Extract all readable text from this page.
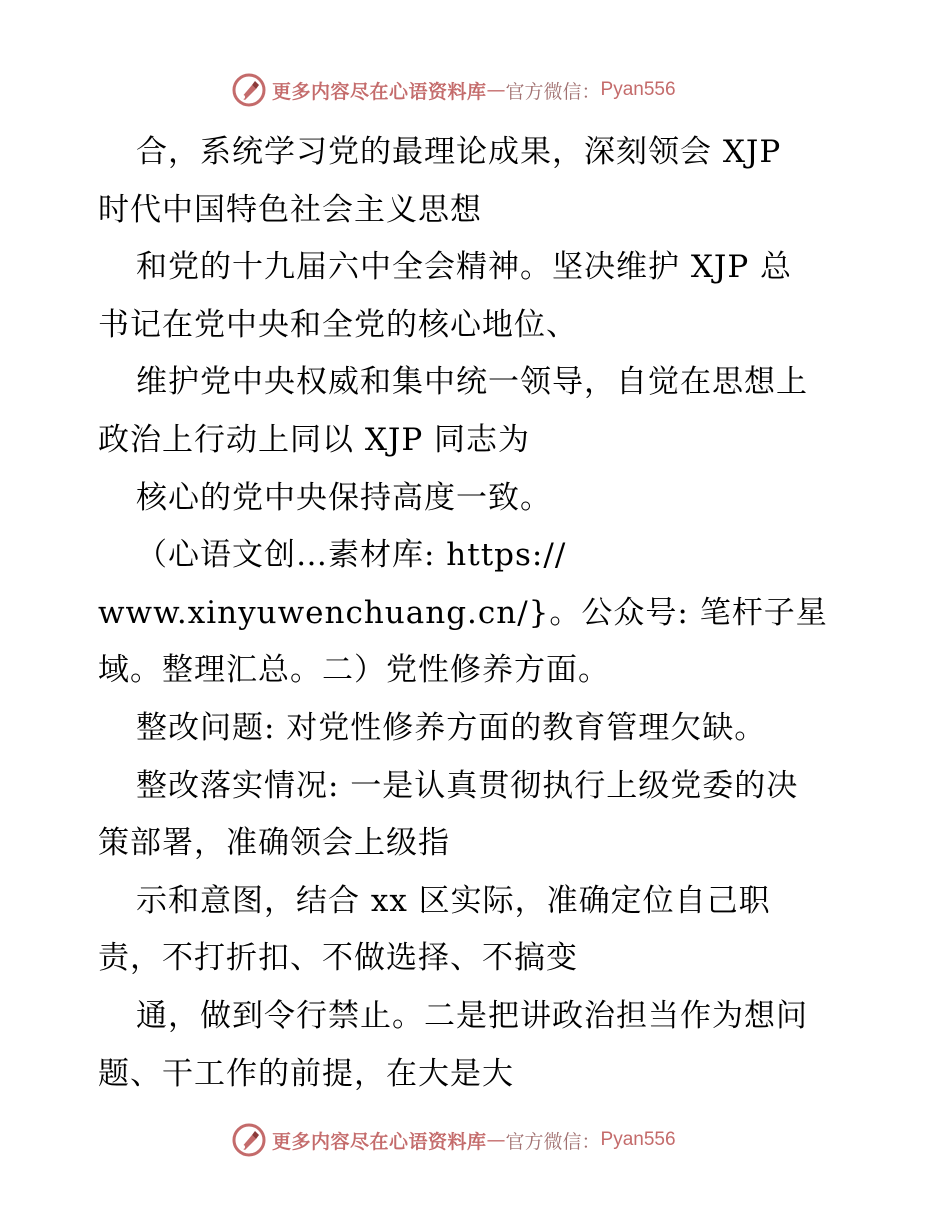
更多内容尽在心语资料库 — 官方微信： Pyan556
合，系统学习党的最理论成果，深刻领会 XJP
时代中国特色社会主义思想
和党的十九届六中全会精神。坚决维护 XJP 总
书记在党中央和全党的核心地位、
维护党中央权威和集中统一领导，自觉在思想上
政治上行动上同以 XJP 同志为
核心的党中央保持高度一致。
（心语文创…素材库: https://
www.xinyuwenchuang.cn/}。公众号: 笔杆子星
域。整理汇总。二）党性修养方面。
整改问题: 对党性修养方面的教育管理欠缺。
整改落实情况: 一是认真贯彻执行上级党委的决
策部署，准确领会上级指
示和意图，结合 xx 区实际，准确定位自己职
责，不打折扣、不做选择、不搞变
通，做到令行禁止。二是把讲政治担当作为想问
题、干工作的前提，在大是大
更多内容尽在心语资料库 — 官方微信： Pyan556
